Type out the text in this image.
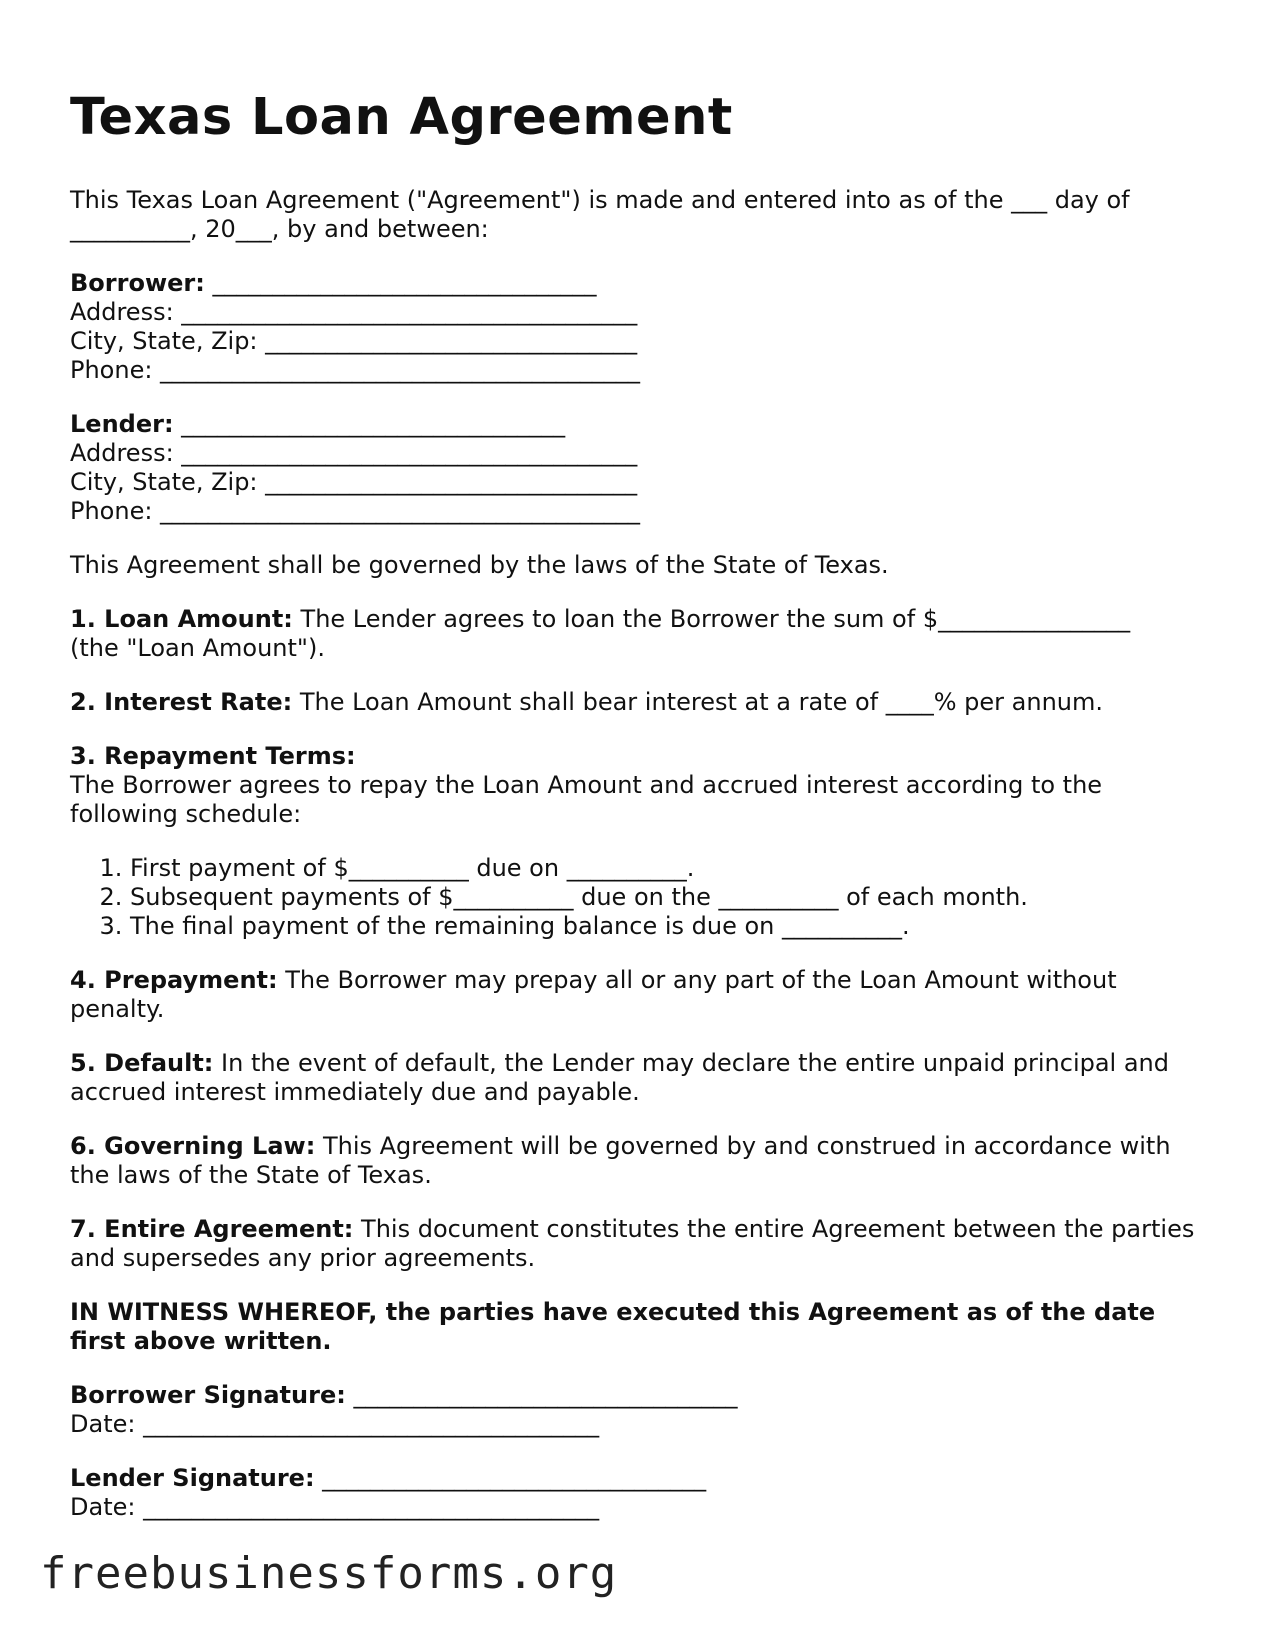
Texas Loan Agreement

This Texas Loan Agreement ("Agreement") is made and entered into as of the ___ day of
__________, 20___, by and between:

Borrower: ________________________________
Address: ______________________________________
City, State, Zip: _______________________________
Phone: ________________________________________
Lender: ________________________________
Address: ______________________________________
City, State, Zip: _______________________________
Phone: ________________________________________

This Agreement shall be governed by the laws of the State of Texas.

1. Loan Amount: The Lender agrees to loan the Borrower the sum of $________________
(the "Loan Amount").

2. Interest Rate: The Loan Amount shall bear interest at a rate of ____% per annum.

3. Repayment Terms:

The Borrower agrees to repay the Loan Amount and accrued interest according to the following schedule:

1. First payment of $__________ due on __________.
2. Subsequent payments of $__________ due on the __________ of each month.
3. The final payment of the remaining balance is due on __________.

4. Prepayment: The Borrower may prepay all or any part of the Loan Amount without penalty.

5. Default: In the event of default, the Lender may declare the entire unpaid principal and accrued interest immediately due and payable.

6. Governing Law: This Agreement will be governed by and construed in accordance with the laws of the State of Texas.

7. Entire Agreement: This document constitutes the entire Agreement between the parties and supersedes any prior agreements.

IN WITNESS WHEREOF, the parties have executed this Agreement as of the date first above written.

Borrower Signature: ________________________________
Date: ______________________________________
Lender Signature: ________________________________
Date: ______________________________________
freebusinessforms.org
